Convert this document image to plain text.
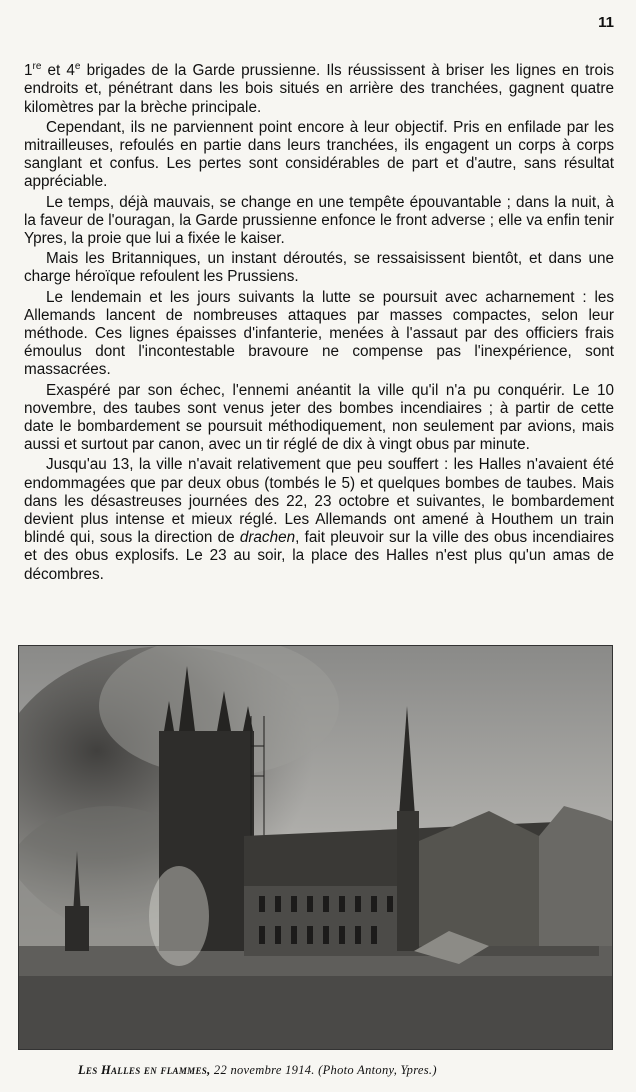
11

1re et 4e brigades de la Garde prussienne. Ils réussissent à briser les lignes en trois endroits et, pénétrant dans les bois situés en arrière des tranchées, gagnent quatre kilomètres par la brèche principale.

Cependant, ils ne parviennent point encore à leur objectif. Pris en enfilade par les mitrailleuses, refoulés en partie dans leurs tranchées, ils engagent un corps à corps sanglant et confus. Les pertes sont considérables de part et d'autre, sans résultat appréciable.

Le temps, déjà mauvais, se change en une tempête épouvantable ; dans la nuit, à la faveur de l'ouragan, la Garde prussienne enfonce le front adverse ; elle va enfin tenir Ypres, la proie que lui a fixée le kaiser.

Mais les Britanniques, un instant déroutés, se ressaisissent bientôt, et dans une charge héroïque refoulent les Prussiens.

Le lendemain et les jours suivants la lutte se poursuit avec acharnement : les Allemands lancent de nombreuses attaques par masses compactes, selon leur méthode. Ces lignes épaisses d'infanterie, menées à l'assaut par des officiers frais émoulus dont l'incontestable bravoure ne compense pas l'inexpérience, sont massacrées.

Exaspéré par son échec, l'ennemi anéantit la ville qu'il n'a pu conquérir. Le 10 novembre, des taubes sont venus jeter des bombes incendiaires ; à partir de cette date le bombardement se poursuit méthodiquement, non seulement par avions, mais aussi et surtout par canon, avec un tir réglé de dix à vingt obus par minute.

Jusqu'au 13, la ville n'avait relativement que peu souffert : les Halles n'avaient été endommagées que par deux obus (tombés le 5) et quelques bombes de taubes. Mais dans les désastreuses journées des 22, 23 octobre et suivantes, le bombardement devient plus intense et mieux réglé. Les Allemands ont amené à Houthem un train blindé qui, sous la direction de drachen, fait pleuvoir sur la ville des obus incendiaires et des obus explosifs. Le 23 au soir, la place des Halles n'est plus qu'un amas de décombres.

Les Halles en flammes, 22 novembre 1914. (Photo Antony, Ypres.)
